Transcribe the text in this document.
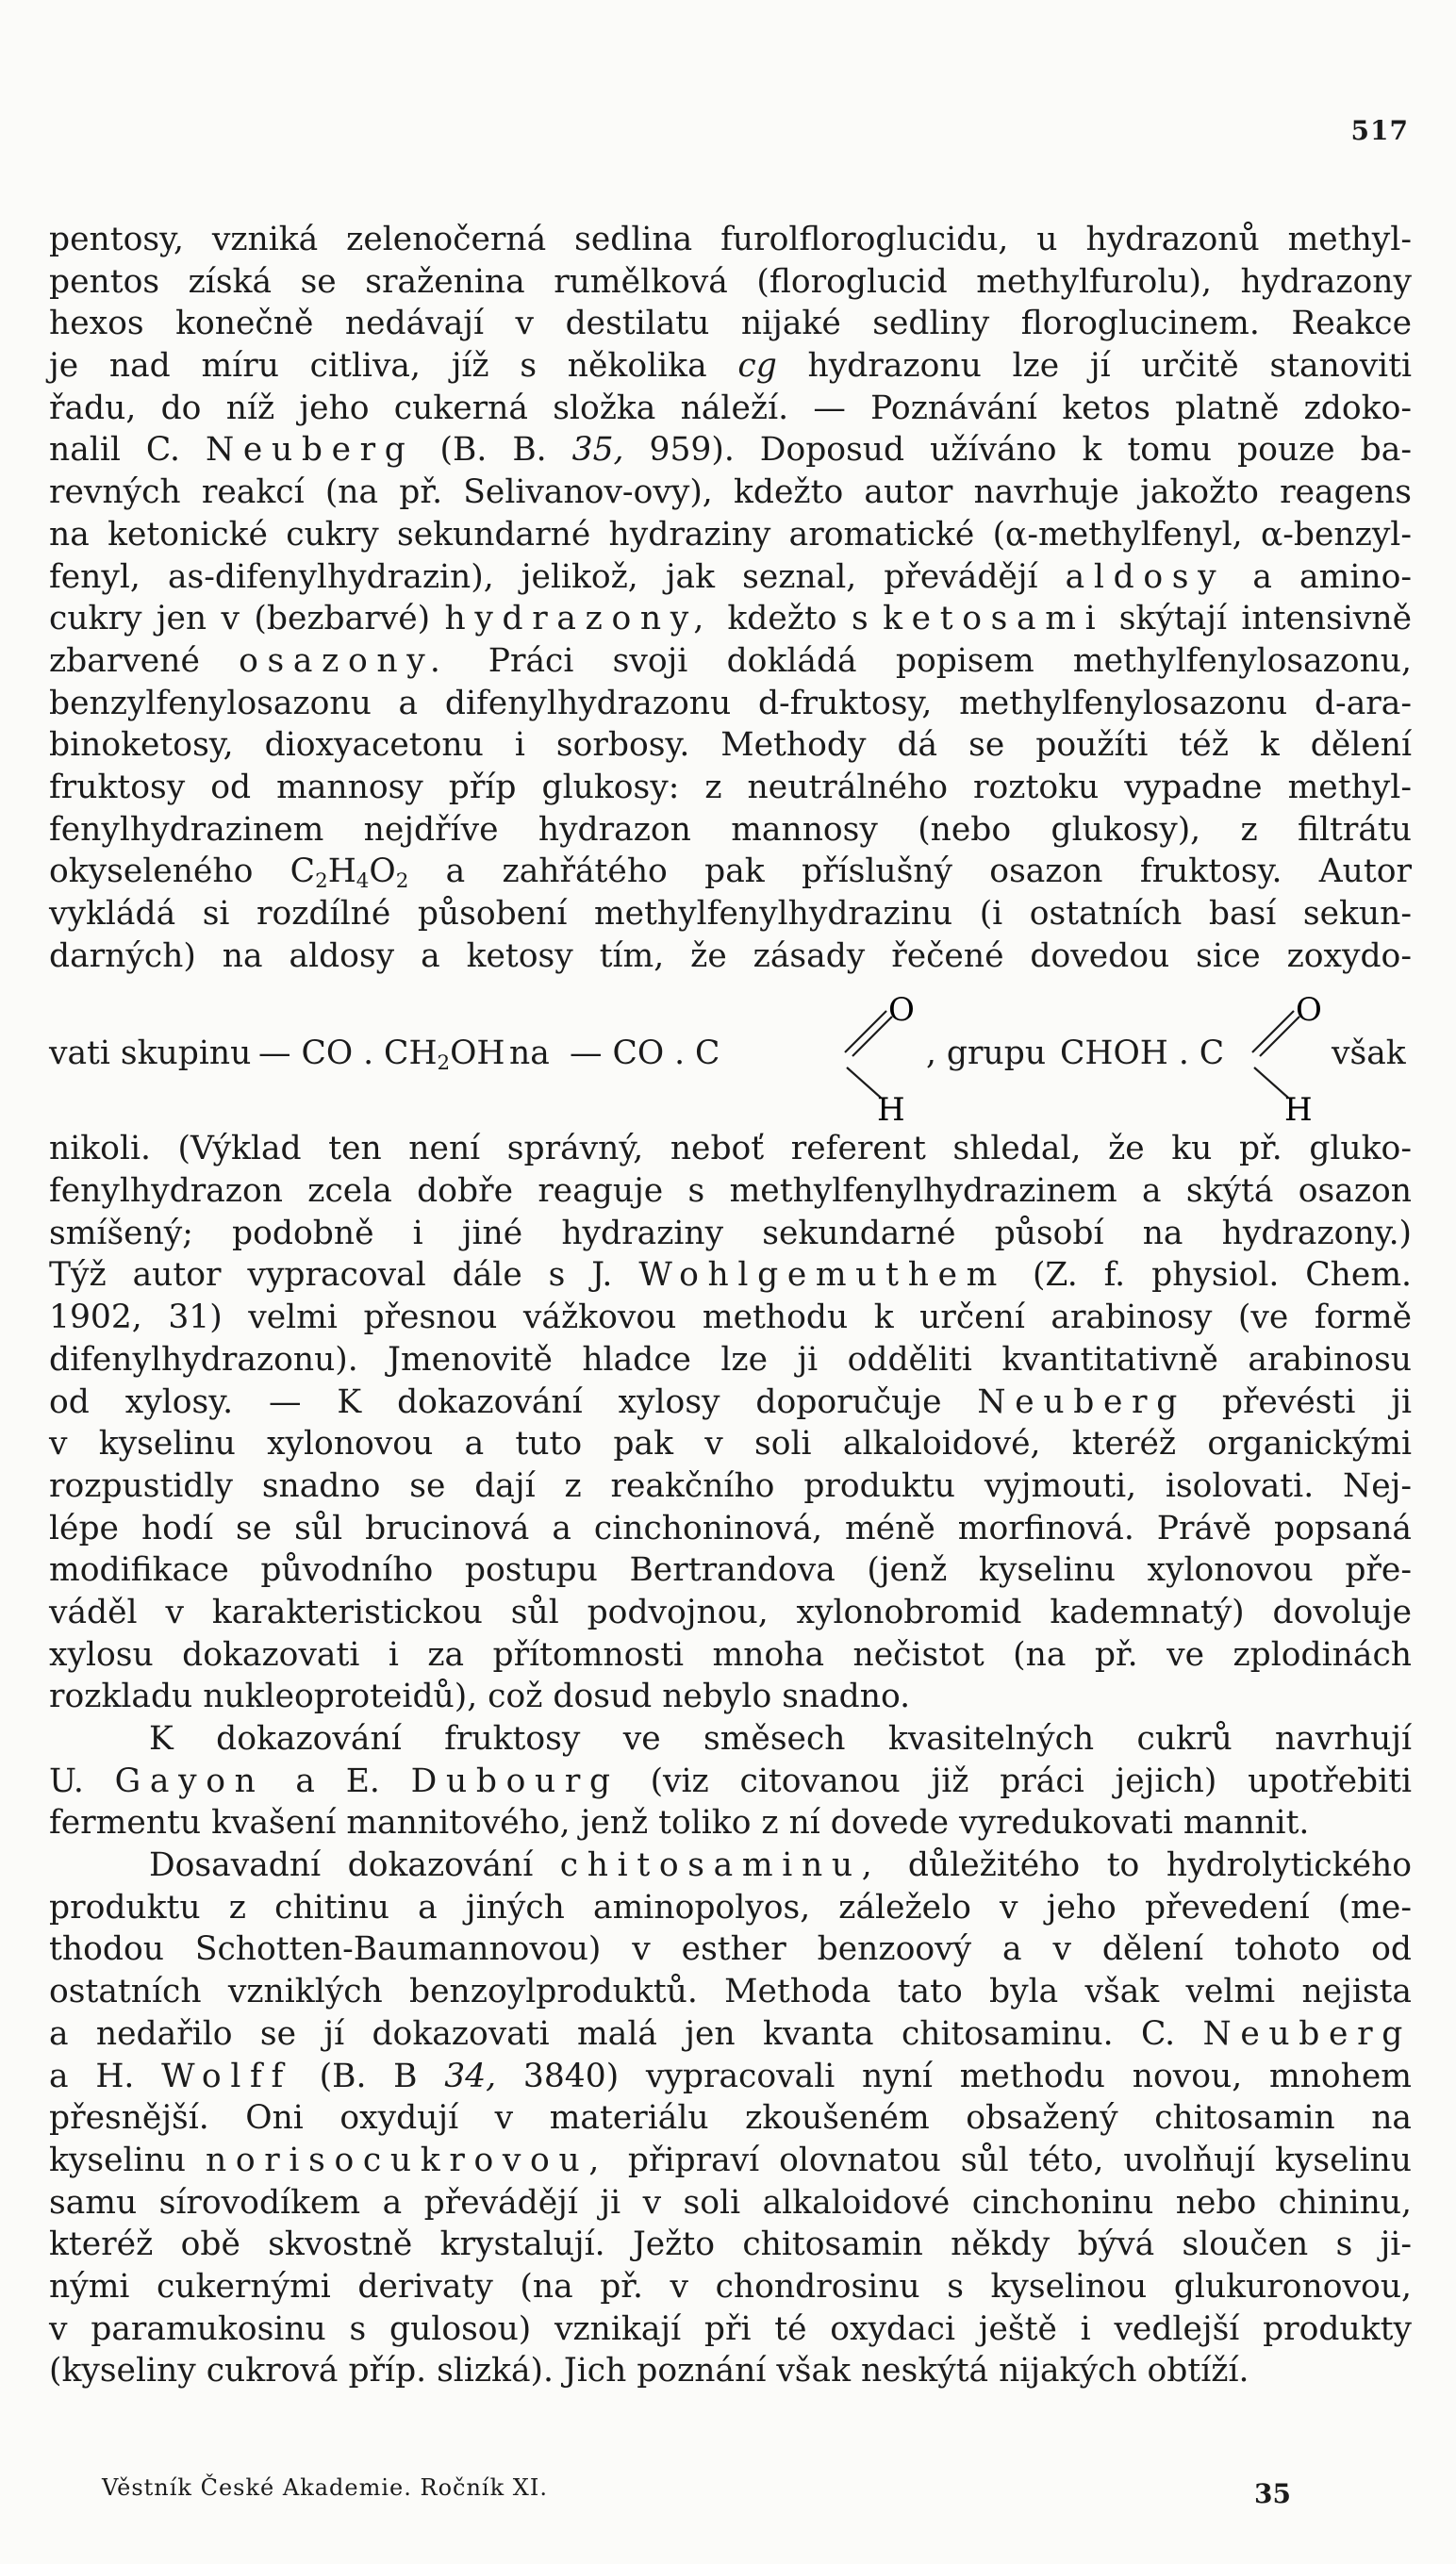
517
pentosy, vzniká zelenočerná sedlina furolfloroglucidu, u hydrazonů methyl-
pentos získá se sraženina rumělková (floroglucid methylfurolu), hydrazony
hexos konečně nedávají v destilatu nijaké sedliny floroglucinem. Reakce
je nad míru citliva, jíž s několika cg hydrazonu lze jí určitě stanoviti
řadu, do níž jeho cukerná složka náleží. — Poznávání ketos platně zdoko-
nalil C. Neuberg (B. B. 35, 959). Doposud užíváno k tomu pouze ba-
revných reakcí (na př. Selivanov-ovy), kdežto autor navrhuje jakožto reagens
na ketonické cukry sekundarné hydraziny aromatické (α-methylfenyl, α-benzyl-
fenyl, as-difenylhydrazin), jelikož, jak seznal, převádějí aldosy a amino-
cukry jen v (bezbarvé) hydrazony, kdežto s ketosami skýtají intensivně
zbarvené osazony. Práci svoji dokládá popisem methylfenylosazonu,
benzylfenylosazonu a difenylhydrazonu d-fruktosy, methylfenylosazonu d-ara-
binoketosy, dioxyacetonu i sorbosy. Methody dá se použíti též k dělení
fruktosy od mannosy příp glukosy: z neutrálného roztoku vypadne methyl-
fenylhydrazinem nejdříve hydrazon mannosy (nebo glukosy), z filtrátu
okyseleného $C_2H_4O_2$ a zahřátého pak příslušný osazon fruktosy. Autor
vykládá si rozdílné působení methylfenylhydrazinu (i ostatních basí sekun-
darných) na aldosy a ketosy tím, že zásady řečené dovedou sice zoxydo-
vati skupinu — CO . $CH_2OH$ na — CO . C	, grupu CHOH . C	však
O
H
O
H
nikoli. (Výklad ten není správný, neboť referent shledal, že ku př. gluko-
fenylhydrazon zcela dobře reaguje s methylfenylhydrazinem a skýtá osazon
smíšený; podobně i jiné hydraziny sekundarné působí na hydrazony.)
Týž autor vypracoval dále s J. Wohlgemuthem (Z. f. physiol. Chem.
1902, 31) velmi přesnou vážkovou methodu k určení arabinosy (ve formě
difenylhydrazonu). Jmenovitě hladce lze ji odděliti kvantitativně arabinosu
od xylosy. — K dokazování xylosy doporučuje Neuberg převésti ji
v kyselinu xylonovou a tuto pak v soli alkaloidové, kteréž organickými
rozpustidly snadno se dají z reakčního produktu vyjmouti, isolovati. Nej-
lépe hodí se sůl brucinová a cinchoninová, méně morfinová. Právě popsaná
modifikace původního postupu Bertrandova (jenž kyselinu xylonovou pře-
váděl v karakteristickou sůl podvojnou, xylonobromid kademnatý) dovoluje
xylosu dokazovati i za přítomnosti mnoha nečistot (na př. ve zplodinách
rozkladu nukleoproteidů), což dosud nebylo snadno.
K dokazování fruktosy ve směsech kvasitelných cukrů navrhují
U. Gayon a E. Dubourg (viz citovanou již práci jejich) upotřebiti
fermentu kvašení mannitového, jenž toliko z ní dovede vyredukovati mannit.
Dosavadní dokazování chitosaminu, důležitého to hydrolytického
produktu z chitinu a jiných aminopolyos, záleželo v jeho převedení (me-
thodou Schotten-Baumannovou) v esther benzoový a v dělení tohoto od
ostatních vzniklých benzoylproduktů. Methoda tato byla však velmi nejista
a nedařilo se jí dokazovati malá jen kvanta chitosaminu. C. Neuberg
a H. Wolff (B. B 34, 3840) vypracovali nyní methodu novou, mnohem
přesnější. Oni oxydují v materiálu zkoušeném obsažený chitosamin na
kyselinu norisocukrovou, připraví olovnatou sůl této, uvolňují kyselinu
samu sírovodíkem a převádějí ji v soli alkaloidové cinchoninu nebo chininu,
kteréž obě skvostně krystalují. Ježto chitosamin někdy bývá sloučen s ji-
nými cukernými derivaty (na př. v chondrosinu s kyselinou glukuronovou,
v paramukosinu s gulosou) vznikají při té oxydaci ještě i vedlejší produkty
(kyseliny cukrová příp. slizká). Jich poznání však neskýtá nijakých obtíží.
Věstník České Akademie. Ročník XI.	35
